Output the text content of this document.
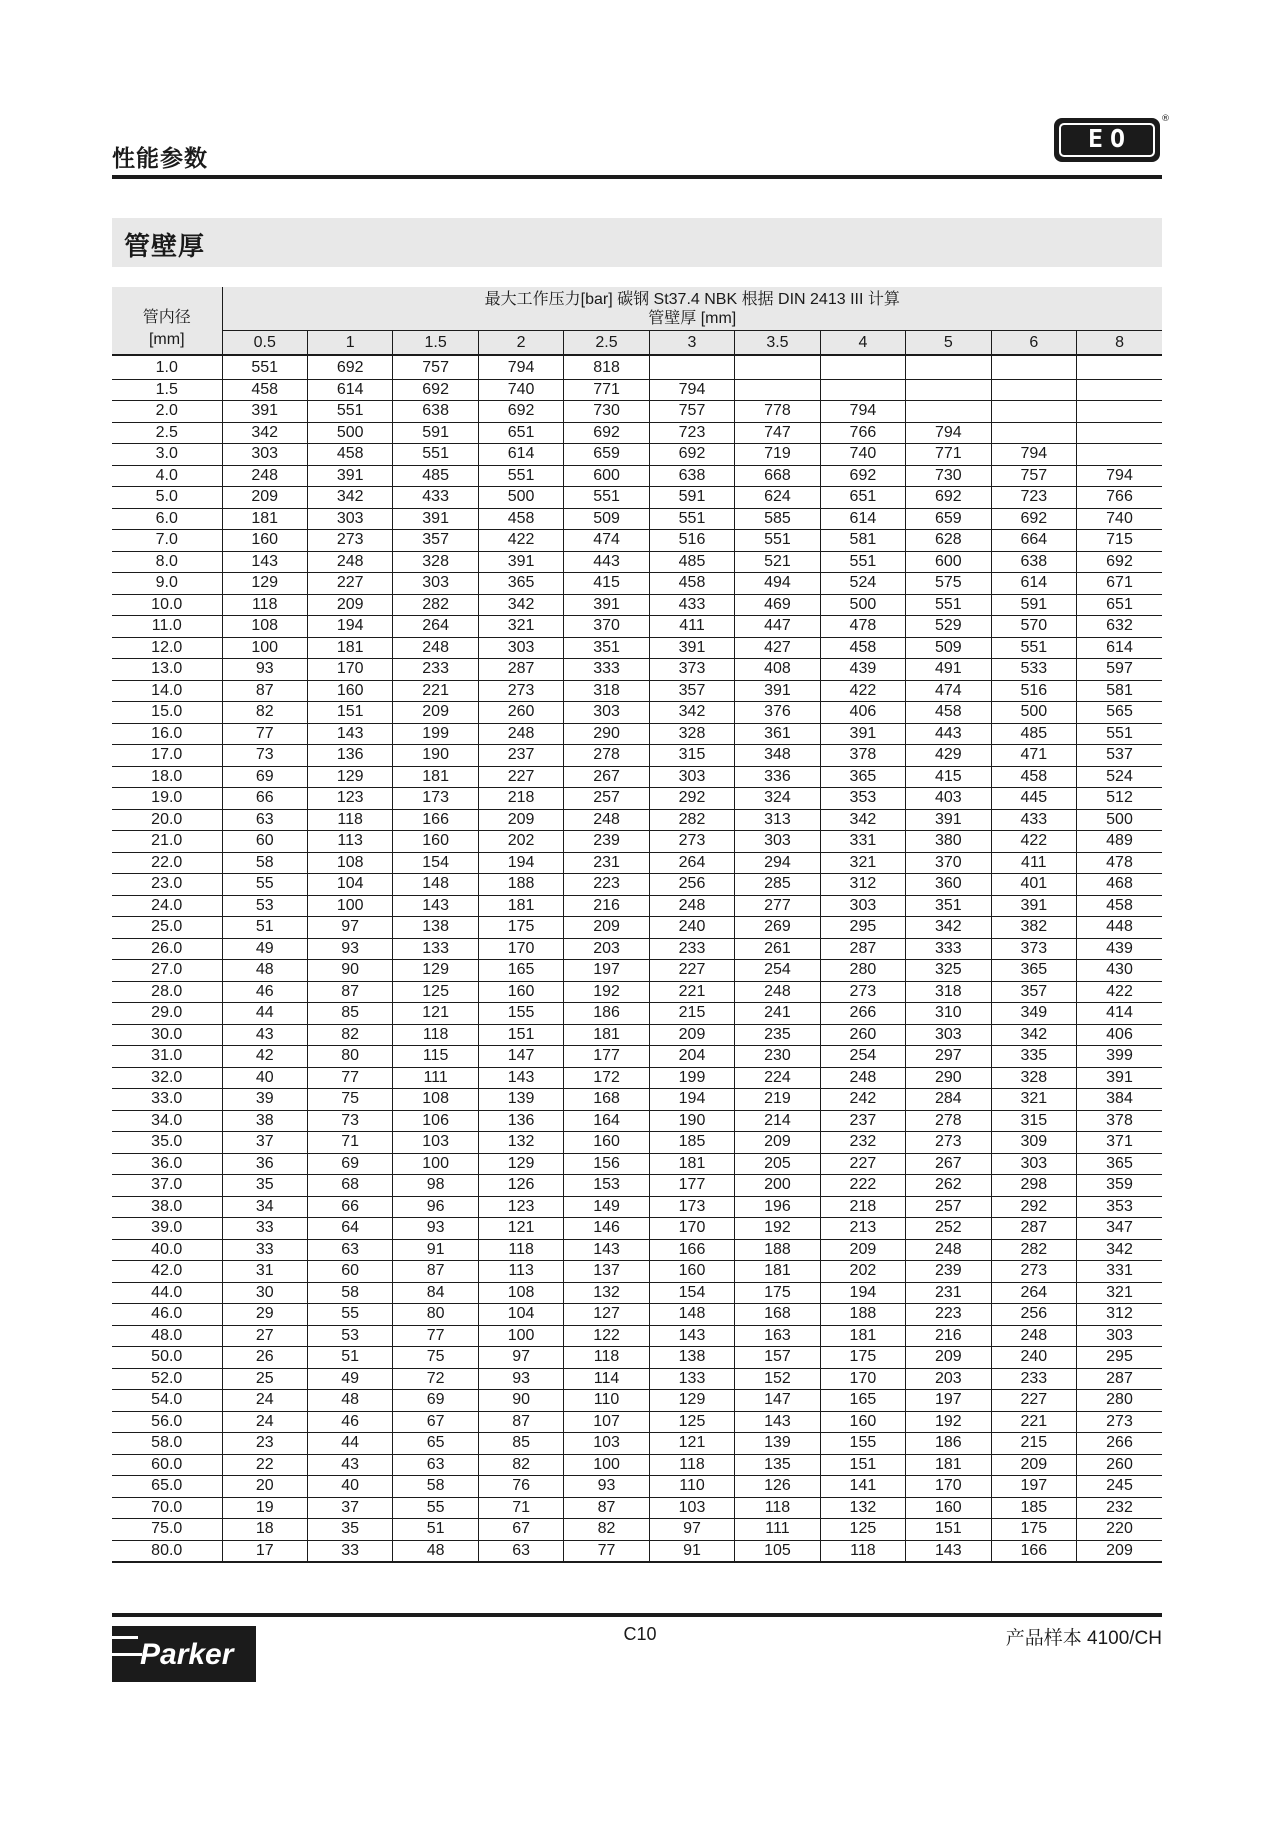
性能参数
EO
®
管壁厚
管内径
[mm]	最大工作压力[bar] 碳钢 St37.4 NBK 根据 DIN 2413 III 计算
管壁厚 [mm]										

	0.5	1	1.5	2	2.5	3	3.5	4	5	6	8
1.0	551	692	757	794	818						
1.5	458	614	692	740	771	794					
2.0	391	551	638	692	730	757	778	794			
2.5	342	500	591	651	692	723	747	766	794		
3.0	303	458	551	614	659	692	719	740	771	794	
4.0	248	391	485	551	600	638	668	692	730	757	794
5.0	209	342	433	500	551	591	624	651	692	723	766
6.0	181	303	391	458	509	551	585	614	659	692	740
7.0	160	273	357	422	474	516	551	581	628	664	715
8.0	143	248	328	391	443	485	521	551	600	638	692
9.0	129	227	303	365	415	458	494	524	575	614	671
10.0	118	209	282	342	391	433	469	500	551	591	651
11.0	108	194	264	321	370	411	447	478	529	570	632
12.0	100	181	248	303	351	391	427	458	509	551	614
13.0	93	170	233	287	333	373	408	439	491	533	597
14.0	87	160	221	273	318	357	391	422	474	516	581
15.0	82	151	209	260	303	342	376	406	458	500	565
16.0	77	143	199	248	290	328	361	391	443	485	551
17.0	73	136	190	237	278	315	348	378	429	471	537
18.0	69	129	181	227	267	303	336	365	415	458	524
19.0	66	123	173	218	257	292	324	353	403	445	512
20.0	63	118	166	209	248	282	313	342	391	433	500
21.0	60	113	160	202	239	273	303	331	380	422	489
22.0	58	108	154	194	231	264	294	321	370	411	478
23.0	55	104	148	188	223	256	285	312	360	401	468
24.0	53	100	143	181	216	248	277	303	351	391	458
25.0	51	97	138	175	209	240	269	295	342	382	448
26.0	49	93	133	170	203	233	261	287	333	373	439
27.0	48	90	129	165	197	227	254	280	325	365	430
28.0	46	87	125	160	192	221	248	273	318	357	422
29.0	44	85	121	155	186	215	241	266	310	349	414
30.0	43	82	118	151	181	209	235	260	303	342	406
31.0	42	80	115	147	177	204	230	254	297	335	399
32.0	40	77	111	143	172	199	224	248	290	328	391
33.0	39	75	108	139	168	194	219	242	284	321	384
34.0	38	73	106	136	164	190	214	237	278	315	378
35.0	37	71	103	132	160	185	209	232	273	309	371
36.0	36	69	100	129	156	181	205	227	267	303	365
37.0	35	68	98	126	153	177	200	222	262	298	359
38.0	34	66	96	123	149	173	196	218	257	292	353
39.0	33	64	93	121	146	170	192	213	252	287	347
40.0	33	63	91	118	143	166	188	209	248	282	342
42.0	31	60	87	113	137	160	181	202	239	273	331
44.0	30	58	84	108	132	154	175	194	231	264	321
46.0	29	55	80	104	127	148	168	188	223	256	312
48.0	27	53	77	100	122	143	163	181	216	248	303
50.0	26	51	75	97	118	138	157	175	209	240	295
52.0	25	49	72	93	114	133	152	170	203	233	287
54.0	24	48	69	90	110	129	147	165	197	227	280
56.0	24	46	67	87	107	125	143	160	192	221	273
58.0	23	44	65	85	103	121	139	155	186	215	266
60.0	22	43	63	82	100	118	135	151	181	209	260
65.0	20	40	58	76	93	110	126	141	170	197	245
70.0	19	37	55	71	87	103	118	132	160	185	232
75.0	18	35	51	67	82	97	111	125	151	175	220
80.0	17	33	48	63	77	91	105	118	143	166	209
Parker
C10	产品样本 4100/CH
